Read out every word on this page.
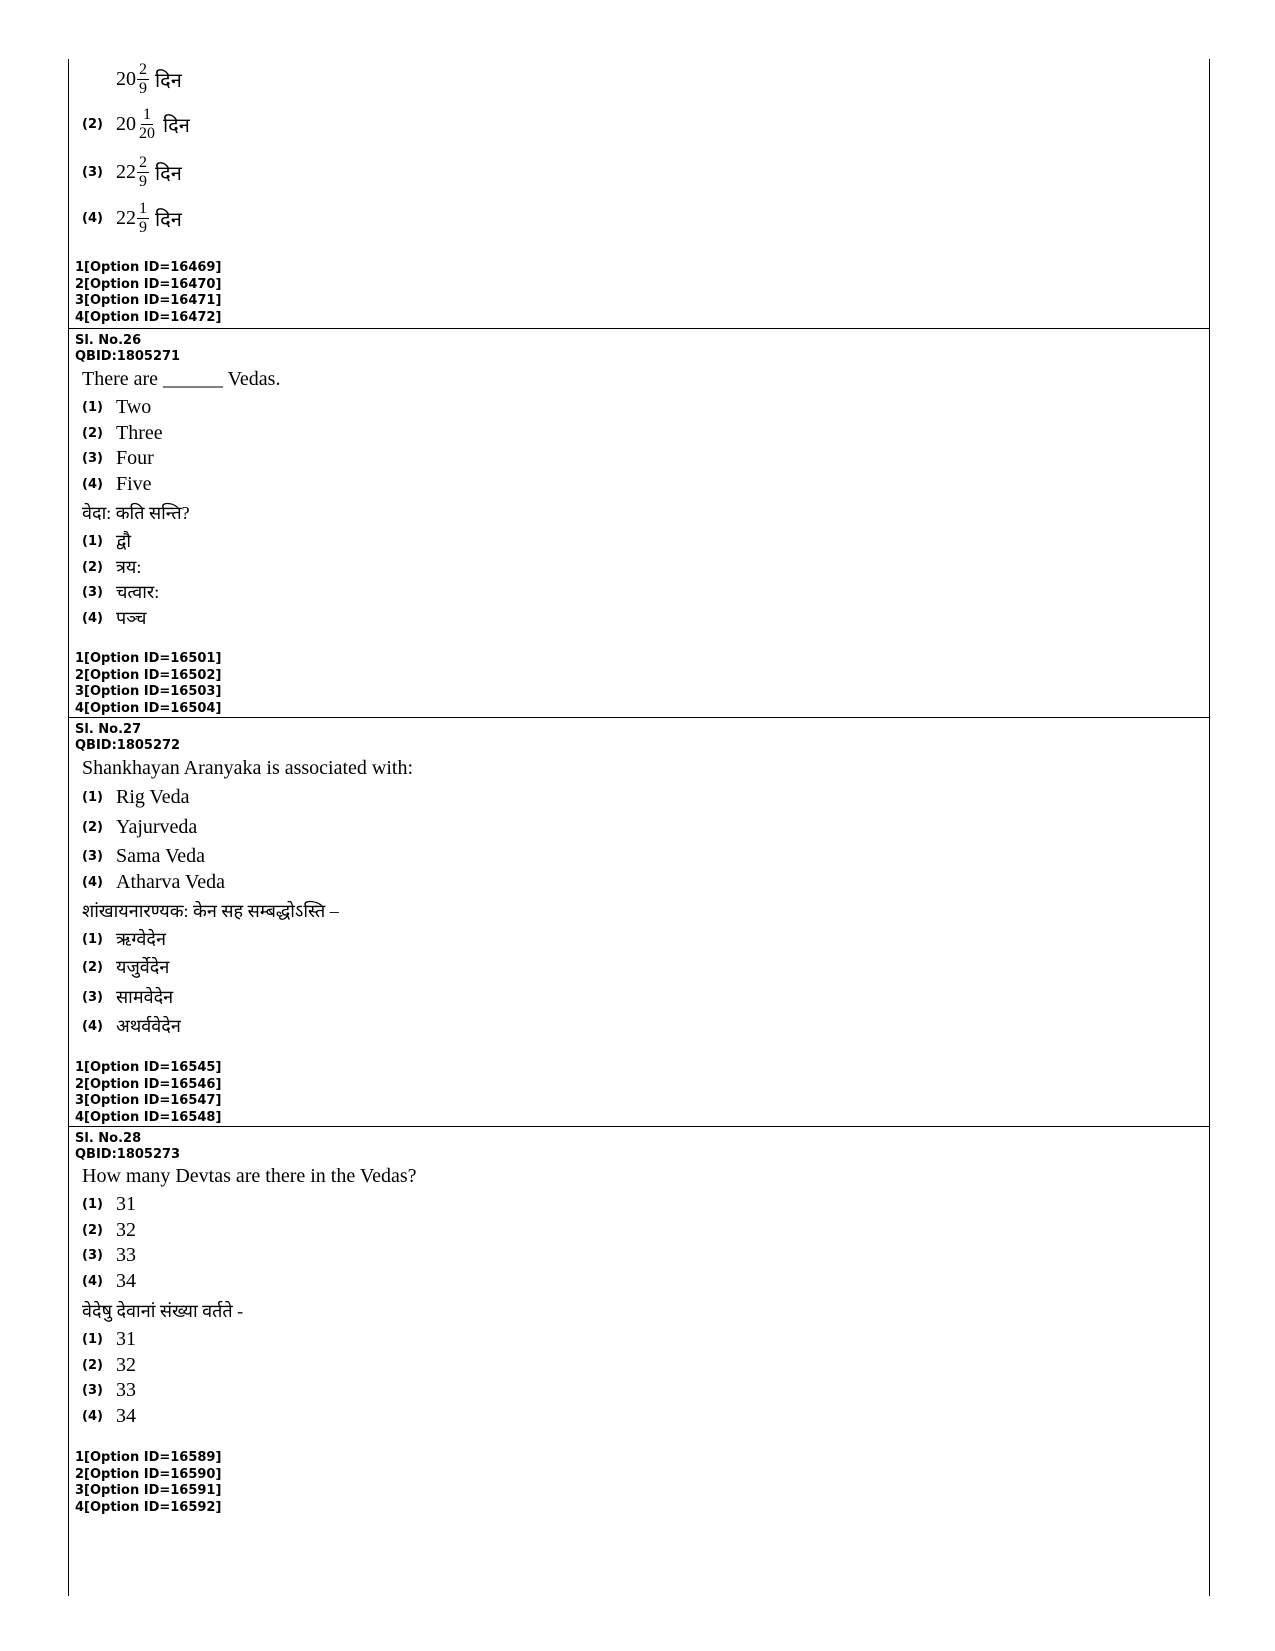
$20 \frac{2}{9}$ दिन
(2) $20 \frac{1}{20}$ दिन
(3) $22 \frac{2}{9}$ दिन
(4) $22 \frac{1}{9}$ दिन
1[Option ID=16469]
2[Option ID=16470]
3[Option ID=16471]
4[Option ID=16472]
Sl. No.26
QBID:1805271
There are ______ Vedas.
(1) Two
(2) Three
(3) Four
(4) Five
वेदा: कति सन्ति?
(1) द्वौ
(2) त्रय:
(3) चत्वार:
(4) पञ्च
1[Option ID=16501]
2[Option ID=16502]
3[Option ID=16503]
4[Option ID=16504]
Sl. No.27
QBID:1805272
Shankhayan Aranyaka is associated with:
(1) Rig Veda
(2) Yajurveda
(3) Sama Veda
(4) Atharva Veda
शांखायनारण्यक: केन सह सम्बद्धोऽस्ति –
(1) ऋग्वेदेन
(2) यजुर्वेदेन
(3) सामवेदेन
(4) अथर्ववेदेन
1[Option ID=16545]
2[Option ID=16546]
3[Option ID=16547]
4[Option ID=16548]
Sl. No.28
QBID:1805273
How many Devtas are there in the Vedas?
(1) 31
(2) 32
(3) 33
(4) 34
वेदेषु देवानां संख्या वर्तते -
(1) 31
(2) 32
(3) 33
(4) 34
1[Option ID=16589]
2[Option ID=16590]
3[Option ID=16591]
4[Option ID=16592]
